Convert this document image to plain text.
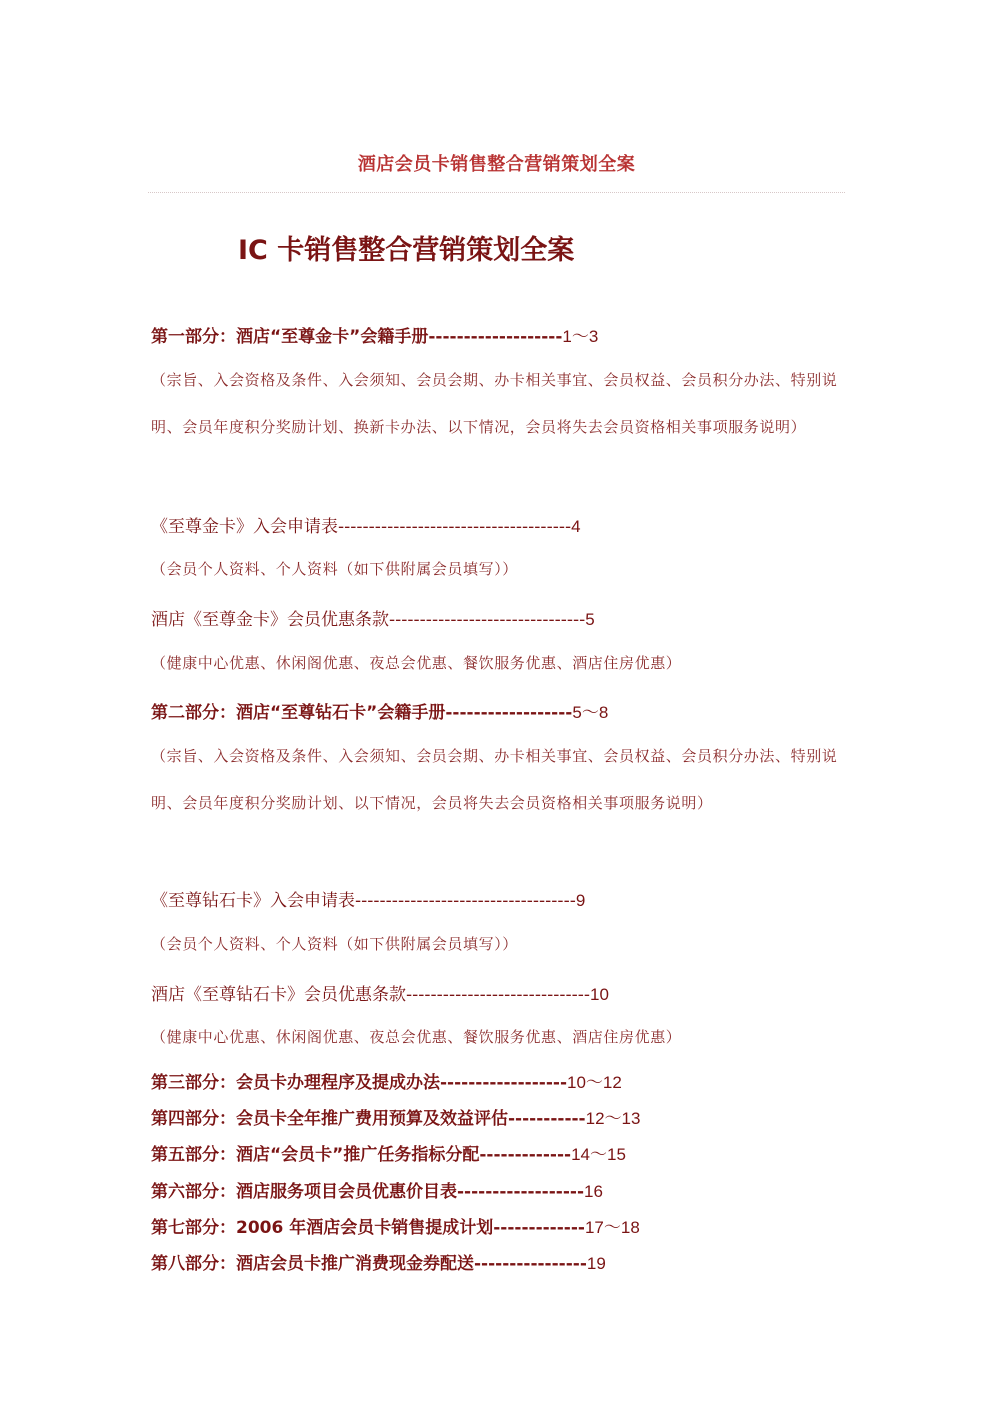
酒店会员卡销售整合营销策划全案
IC 卡销售整合营销策划全案
第一部分：酒店“至尊金卡”会籍手册-------------------1～3
（宗旨、入会资格及条件、入会须知、会员会期、办卡相关事宜、会员权益、会员积分办法、特别说明、会员年度积分奖励计划、换新卡办法、以下情况，会员将失去会员资格相关事项服务说明）
《至尊金卡》入会申请表--------------------------------------4
（会员个人资料、个人资料（如下供附属会员填写））
酒店《至尊金卡》会员优惠条款--------------------------------5
（健康中心优惠、休闲阁优惠、夜总会优惠、餐饮服务优惠、酒店住房优惠）
第二部分：酒店“至尊钻石卡”会籍手册------------------5～8
（宗旨、入会资格及条件、入会须知、会员会期、办卡相关事宜、会员权益、会员积分办法、特别说明、会员年度积分奖励计划、以下情况，会员将失去会员资格相关事项服务说明）
《至尊钻石卡》入会申请表------------------------------------9
（会员个人资料、个人资料（如下供附属会员填写））
酒店《至尊钻石卡》会员优惠条款------------------------------10
（健康中心优惠、休闲阁优惠、夜总会优惠、餐饮服务优惠、酒店住房优惠）
第三部分：会员卡办理程序及提成办法------------------10～12
第四部分：会员卡全年推广费用预算及效益评估-----------12～13
第五部分：酒店“会员卡”推广任务指标分配-------------14～15
第六部分：酒店服务项目会员优惠价目表------------------16
第七部分：2006 年酒店会员卡销售提成计划-------------17～18
第八部分：酒店会员卡推广消费现金券配送----------------19
